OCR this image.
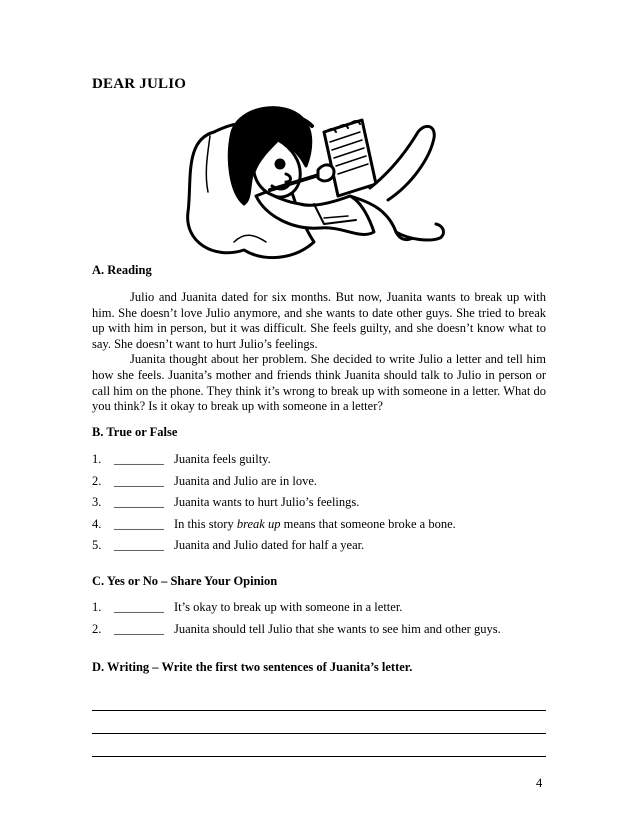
DEAR JULIO
A. Reading

Julio and Juanita dated for six months. But now, Juanita wants to break up with him. She doesn’t love Julio anymore, and she wants to date other guys. She tried to break up with him in person, but it was difficult. She feels guilty, and she doesn’t know what to say. She doesn’t want to hurt Julio’s feelings.

Juanita thought about her problem. She decided to write Julio a letter and tell him how she feels. Juanita’s mother and friends think Juanita should talk to Julio in person or call him on the phone. They think it’s wrong to break up with someone in a letter. What do you think? Is it okay to break up with someone in a letter?

B. True or False
1.	________ Juanita feels guilty.
2.	________ Juanita and Julio are in love.
3.	________ Juanita wants to hurt Julio’s feelings.
4.	________ In this story break up means that someone broke a bone.
5.	________ Juanita and Julio dated for half a year.
C. Yes or No – Share Your Opinion
1.	________ It’s okay to break up with someone in a letter.
2.	________ Juanita should tell Julio that she wants to see him and other guys.
D. Writing – Write the first two sentences of Juanita’s letter.
4
